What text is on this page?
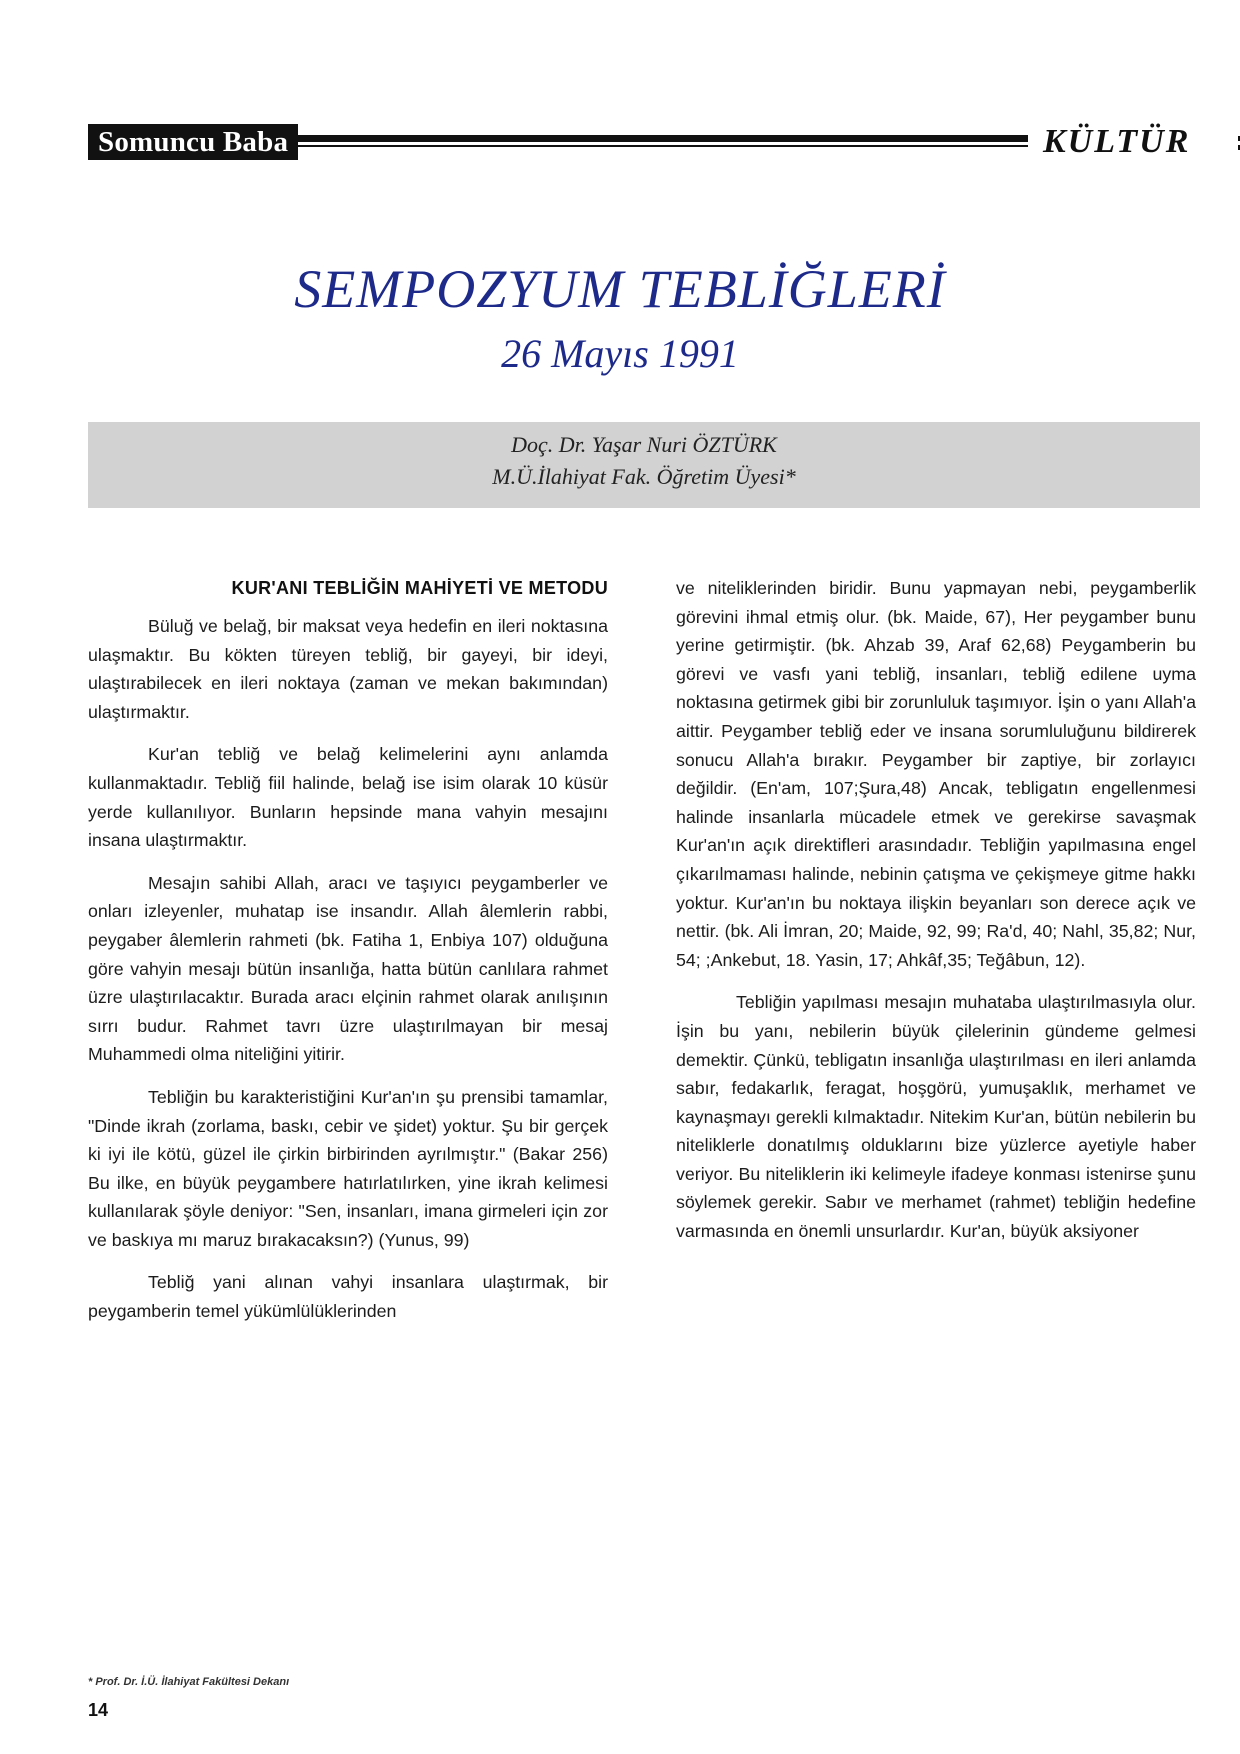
Somuncu Baba	KÜLTÜR
SEMPOZYUM TEBLİĞLERİ
26 Mayıs 1991
Doç. Dr. Yaşar Nuri ÖZTÜRK
M.Ü.İlahiyat Fak. Öğretim Üyesi*
KUR'ANI TEBLİĞİN MAHİYETİ VE METODU

Büluğ ve belağ, bir maksat veya hedefin en ileri noktasına ulaşmaktır. Bu kökten türeyen tebliğ, bir gayeyi, bir ideyi, ulaştırabilecek en ileri noktaya (zaman ve mekan bakımından) ulaştırmaktır.

Kur'an tebliğ ve belağ kelimelerini aynı anlamda kullanmaktadır. Tebliğ fiil halinde, belağ ise isim olarak 10 küsür yerde kullanılıyor. Bunların hepsinde mana vahyin mesajını insana ulaştırmaktır.

Mesajın sahibi Allah, aracı ve taşıyıcı peygamberler ve onları izleyenler, muhatap ise insandır. Allah âlemlerin rabbi, peygaber âlemlerin rahmeti (bk. Fatiha 1, Enbiya 107) olduğuna göre vahyin mesajı bütün insanlığa, hatta bütün canlılara rahmet üzre ulaştırılacaktır. Burada aracı elçinin rahmet olarak anılışının sırrı budur. Rahmet tavrı üzre ulaştırılmayan bir mesaj Muhammedi olma niteliğini yitirir.

Tebliğin bu karakteristiğini Kur'an'ın şu prensibi tamamlar, "Dinde ikrah (zorlama, baskı, cebir ve şidet) yoktur. Şu bir gerçek ki iyi ile kötü, güzel ile çirkin birbirinden ayrılmıştır." (Bakar 256) Bu ilke, en büyük peygambere hatırlatılırken, yine ikrah kelimesi kullanılarak şöyle deniyor: "Sen, insanları, imana girmeleri için zor ve baskıya mı maruz bırakacaksın?) (Yunus, 99)

Tebliğ yani alınan vahyi insanlara ulaştırmak, bir peygamberin temel yükümlülüklerinden

ve niteliklerinden biridir. Bunu yapmayan nebi, peygamberlik görevini ihmal etmiş olur. (bk. Maide, 67), Her peygamber bunu yerine getirmiştir. (bk. Ahzab 39, Araf 62,68) Peygamberin bu görevi ve vasfı yani tebliğ, insanları, tebliğ edilene uyma noktasına getirmek gibi bir zorunluluk taşımıyor. İşin o yanı Allah'a aittir. Peygamber tebliğ eder ve insana sorumluluğunu bildirerek sonucu Allah'a bırakır. Peygamber bir zaptiye, bir zorlayıcı değildir. (En'am, 107;Şura,48) Ancak, tebligatın engellenmesi halinde insanlarla mücadele etmek ve gerekirse savaşmak Kur'an'ın açık direktifleri arasındadır. Tebliğin yapılmasına engel çıkarılmaması halinde, nebinin çatışma ve çekişmeye gitme hakkı yoktur. Kur'an'ın bu noktaya ilişkin beyanları son derece açık ve nettir. (bk. Ali İmran, 20; Maide, 92, 99; Ra'd, 40; Nahl, 35,82; Nur, 54; ;Ankebut, 18. Yasin, 17; Ahkâf,35; Teğâbun, 12).

Tebliğin yapılması mesajın muhataba ulaştırılmasıyla olur. İşin bu yanı, nebilerin büyük çilelerinin gündeme gelmesi demektir. Çünkü, tebligatın insanlığa ulaştırılması en ileri anlamda sabır, fedakarlık, feragat, hoşgörü, yumuşaklık, merhamet ve kaynaşmayı gerekli kılmaktadır. Nitekim Kur'an, bütün nebilerin bu niteliklerle donatılmış olduklarını bize yüzlerce ayetiyle haber veriyor. Bu niteliklerin iki kelimeyle ifadeye konması istenirse şunu söylemek gerekir. Sabır ve merhamet (rahmet) tebliğin hedefine varmasında en önemli unsurlardır. Kur'an, büyük aksiyoner

* Prof. Dr. İ.Ü. İlahiyat Fakültesi Dekanı
14
